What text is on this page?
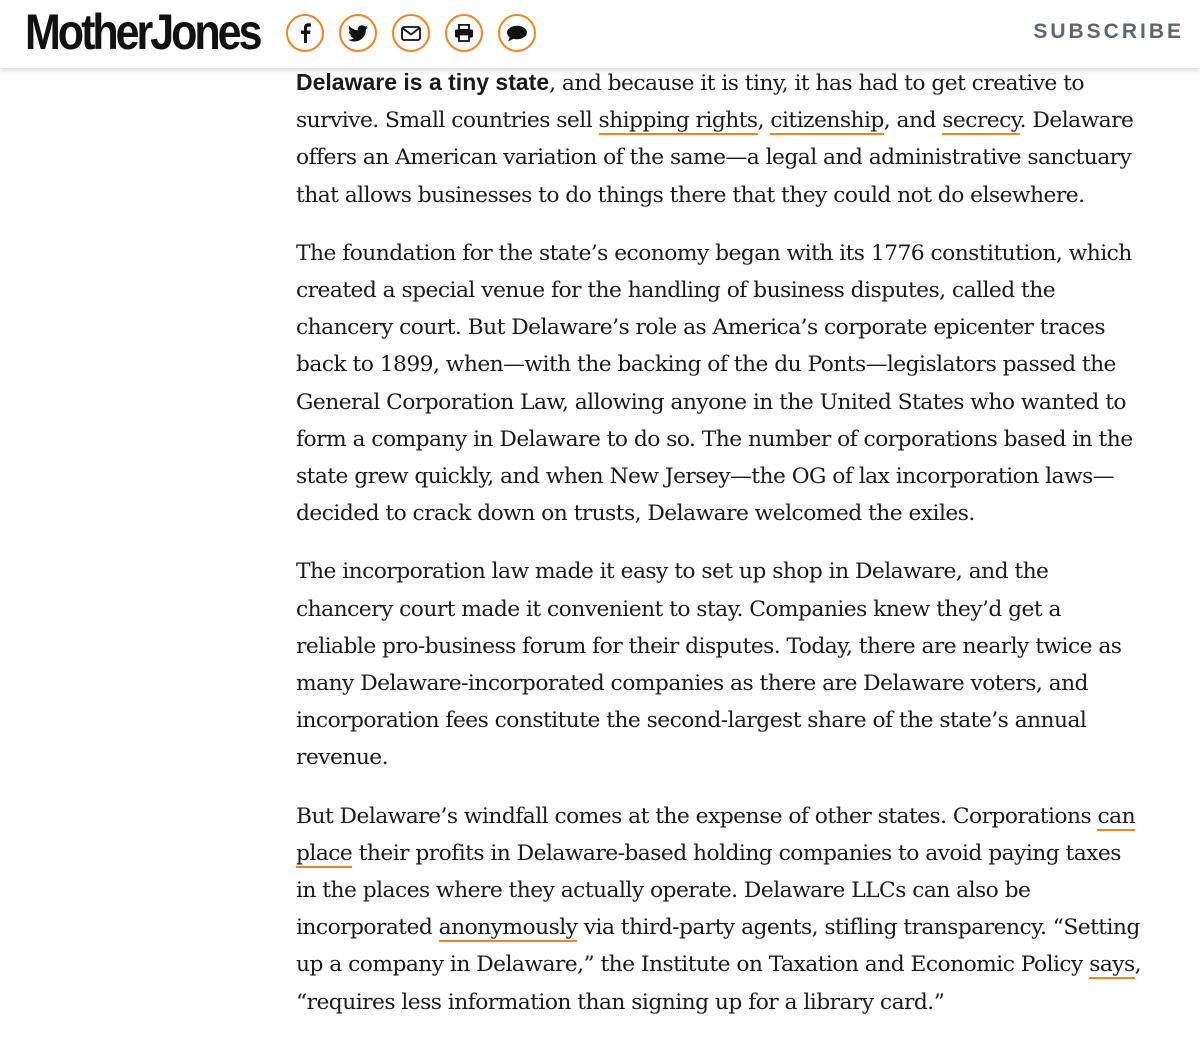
MotherJones	SUBSCRIBE

Delaware is a tiny state, and because it is tiny, it has had to get creative to survive. Small countries sell shipping rights, citizenship, and secrecy. Delaware offers an American variation of the same—a legal and administrative sanctuary that allows businesses to do things there that they could not do elsewhere.

The foundation for the state’s economy began with its 1776 constitution, which created a special venue for the handling of business disputes, called the chancery court. But Delaware’s role as America’s corporate epicenter traces back to 1899, when—with the backing of the du Ponts—legislators passed the General Corporation Law, allowing anyone in the United States who wanted to form a company in Delaware to do so. The number of corporations based in the state grew quickly, and when New Jersey—the OG of lax incorporation laws—decided to crack down on trusts, Delaware welcomed the exiles.

The incorporation law made it easy to set up shop in Delaware, and the chancery court made it convenient to stay. Companies knew they’d get a reliable pro-business forum for their disputes. Today, there are nearly twice as many Delaware-incorporated companies as there are Delaware voters, and incorporation fees constitute the second-largest share of the state’s annual revenue.

But Delaware’s windfall comes at the expense of other states. Corporations can place their profits in Delaware-based holding companies to avoid paying taxes in the places where they actually operate. Delaware LLCs can also be incorporated anonymously via third-party agents, stifling transparency. “Setting up a company in Delaware,” the Institute on Taxation and Economic Policy says, “requires less information than signing up for a library card.”
